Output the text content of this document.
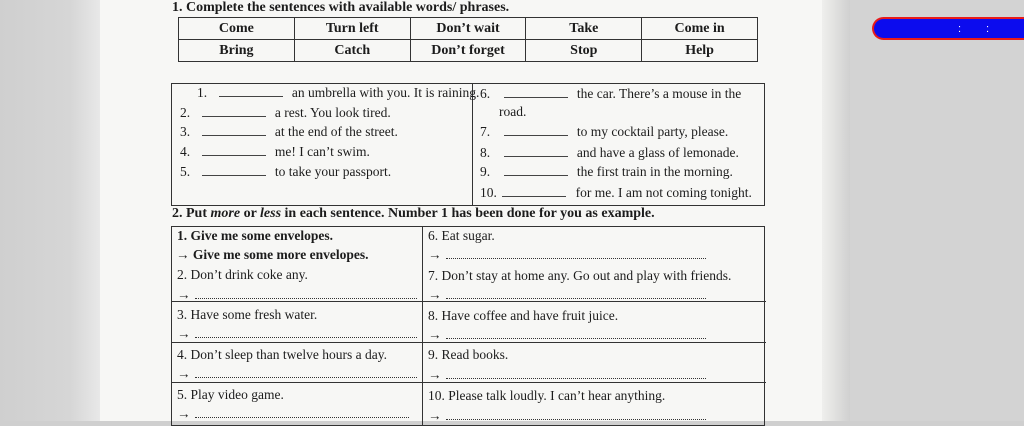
: :
1. Complete the sentences with available words/ phrases.
Come	Turn left	Don’t wait	Take	Come in
Bring	Catch	Don’t forget	Stop	Help
1.	an umbrella with you. It is raining.
2.	a rest. You look tired.
3.	at the end of the street.
4.	me! I can’t swim.
5.	to take your passport.
6.	the car. There’s a mouse in the
road.
7.	to my cocktail party, please.
8.	and have a glass of lemonade.
9.	the first train in the morning.
10.	for me. I am not coming tonight.
2. Put more or less in each sentence. Number 1 has been done for you as example.
1. Give me some envelopes.
→ Give me some more envelopes.
2. Don’t drink coke any.
→
3. Have some fresh water.
→
4. Don’t sleep than twelve hours a day.
→
5. Play video game.
→
6. Eat sugar.
→
7. Don’t stay at home any. Go out and play with friends.
→
8. Have coffee and have fruit juice.
→
9. Read books.
→
10. Please talk loudly. I can’t hear anything.
→
